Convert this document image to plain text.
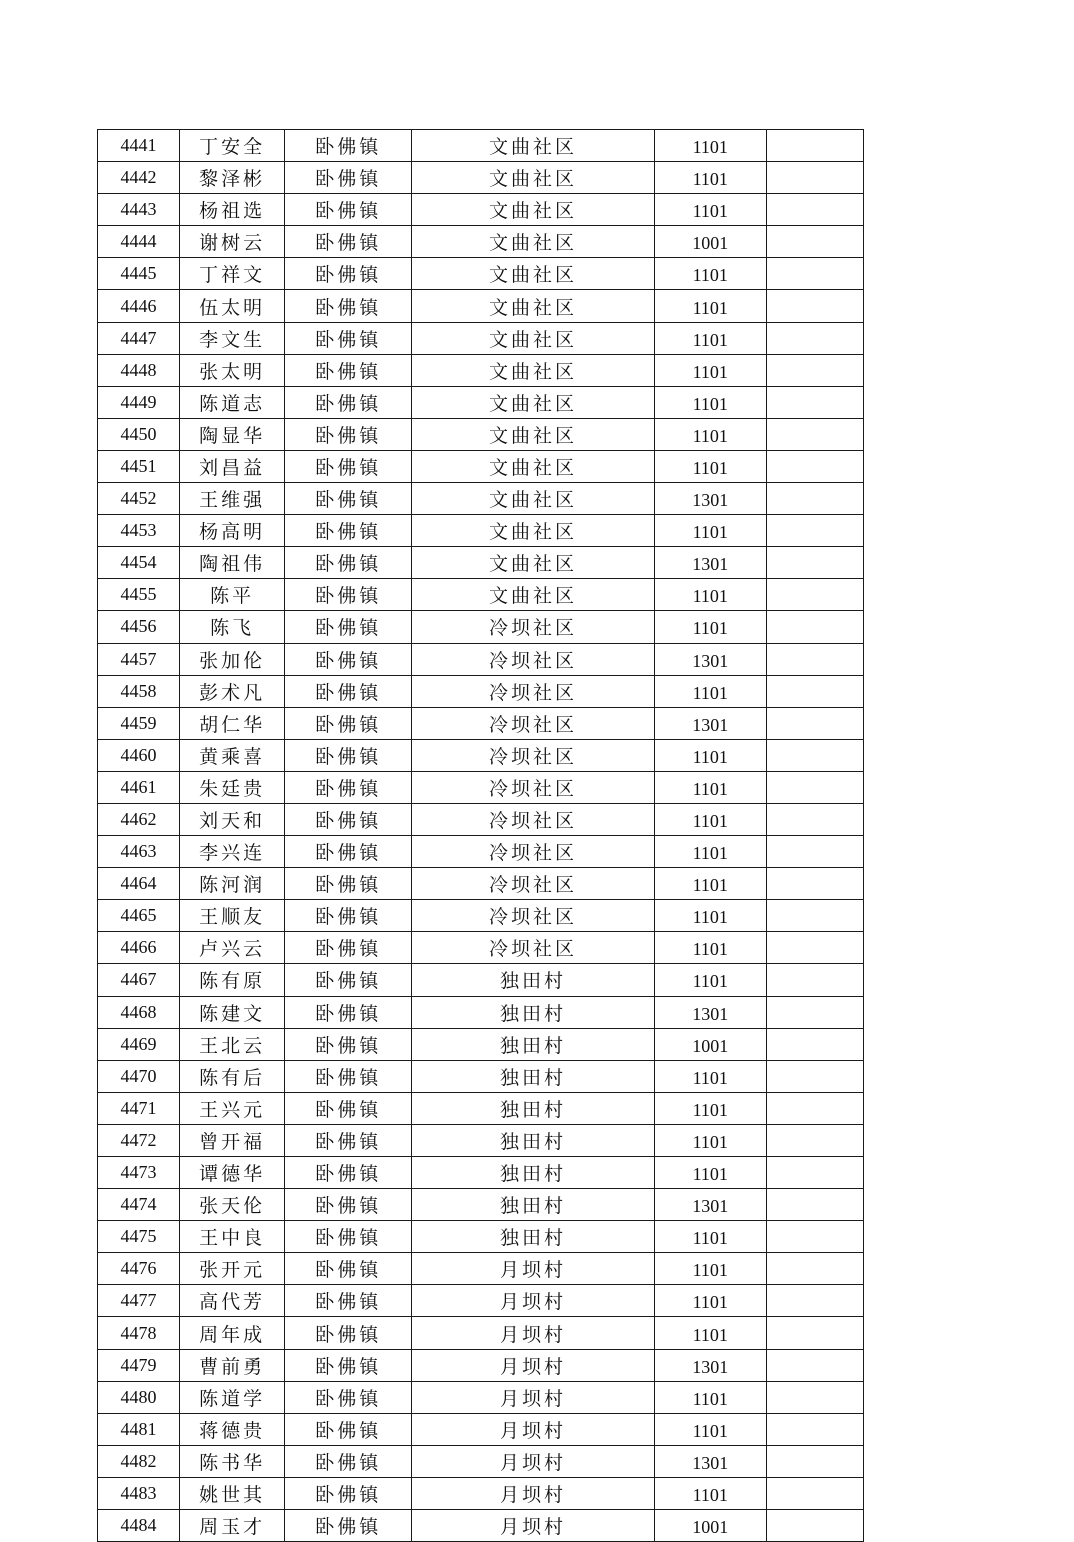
4441	丁安全	卧佛镇	文曲社区	1101	
4442	黎泽彬	卧佛镇	文曲社区	1101	
4443	杨祖选	卧佛镇	文曲社区	1101	
4444	谢树云	卧佛镇	文曲社区	1001	
4445	丁祥文	卧佛镇	文曲社区	1101	
4446	伍太明	卧佛镇	文曲社区	1101	
4447	李文生	卧佛镇	文曲社区	1101	
4448	张太明	卧佛镇	文曲社区	1101	
4449	陈道志	卧佛镇	文曲社区	1101	
4450	陶显华	卧佛镇	文曲社区	1101	
4451	刘昌益	卧佛镇	文曲社区	1101	
4452	王维强	卧佛镇	文曲社区	1301	
4453	杨高明	卧佛镇	文曲社区	1101	
4454	陶祖伟	卧佛镇	文曲社区	1301	
4455	陈平	卧佛镇	文曲社区	1101	
4456	陈飞	卧佛镇	冷坝社区	1101	
4457	张加伦	卧佛镇	冷坝社区	1301	
4458	彭术凡	卧佛镇	冷坝社区	1101	
4459	胡仁华	卧佛镇	冷坝社区	1301	
4460	黄乘喜	卧佛镇	冷坝社区	1101	
4461	朱廷贵	卧佛镇	冷坝社区	1101	
4462	刘天和	卧佛镇	冷坝社区	1101	
4463	李兴连	卧佛镇	冷坝社区	1101	
4464	陈河润	卧佛镇	冷坝社区	1101	
4465	王顺友	卧佛镇	冷坝社区	1101	
4466	卢兴云	卧佛镇	冷坝社区	1101	
4467	陈有原	卧佛镇	独田村	1101	
4468	陈建文	卧佛镇	独田村	1301	
4469	王北云	卧佛镇	独田村	1001	
4470	陈有后	卧佛镇	独田村	1101	
4471	王兴元	卧佛镇	独田村	1101	
4472	曾开福	卧佛镇	独田村	1101	
4473	谭德华	卧佛镇	独田村	1101	
4474	张天伦	卧佛镇	独田村	1301	
4475	王中良	卧佛镇	独田村	1101	
4476	张开元	卧佛镇	月坝村	1101	
4477	高代芳	卧佛镇	月坝村	1101	
4478	周年成	卧佛镇	月坝村	1101	
4479	曹前勇	卧佛镇	月坝村	1301	
4480	陈道学	卧佛镇	月坝村	1101	
4481	蒋德贵	卧佛镇	月坝村	1101	
4482	陈书华	卧佛镇	月坝村	1301	
4483	姚世其	卧佛镇	月坝村	1101	
4484	周玉才	卧佛镇	月坝村	1001	
